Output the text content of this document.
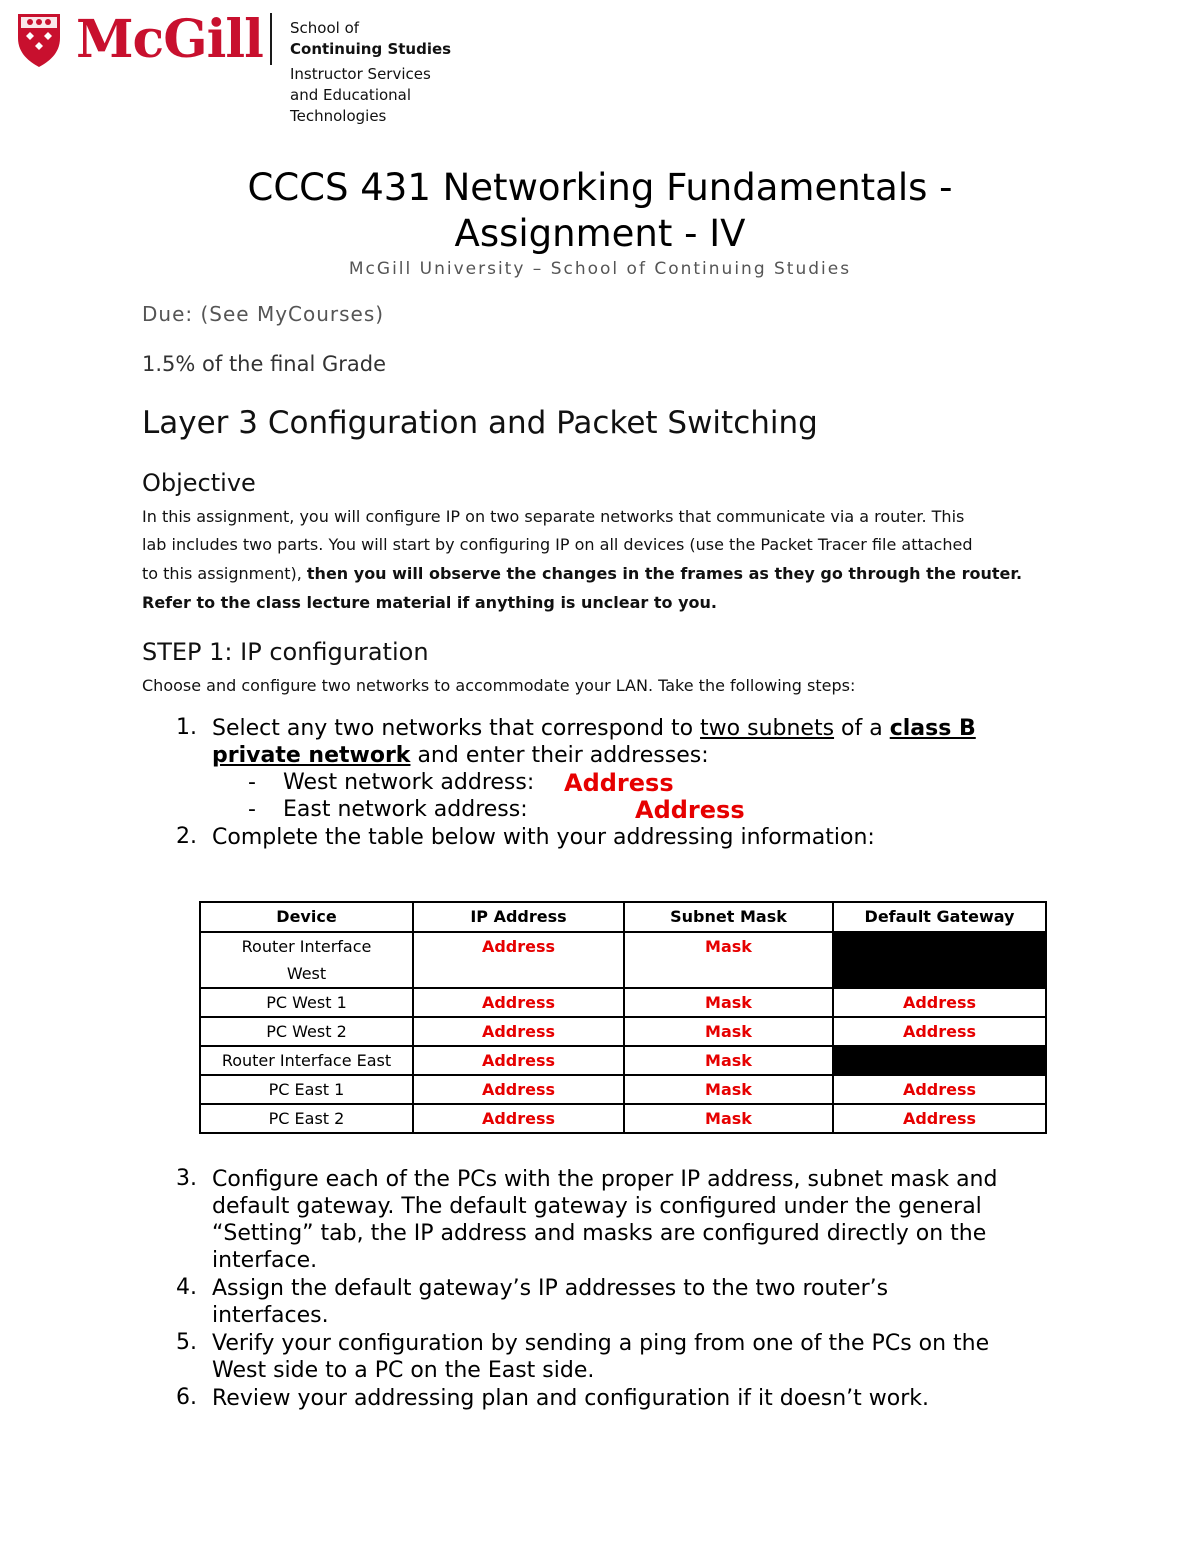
McGill School of
Continuing Studies
Instructor Services
and Educational
Technologies
CCCS 431 Networking Fundamentals -
Assignment - IV
McGill University – School of Continuing Studies
Due: (See MyCourses)
1.5% of the final Grade
Layer 3 Configuration and Packet Switching
Objective
In this assignment, you will configure IP on two separate networks that communicate via a router. This
lab includes two parts. You will start by configuring IP on all devices (use the Packet Tracer file attached
to this assignment), then you will observe the changes in the frames as they go through the router.
Refer to the class lecture material if anything is unclear to you.
STEP 1: IP configuration
Choose and configure two networks to accommodate your LAN. Take the following steps:
1. Select any two networks that correspond to two subnets of a class B
private network and enter their addresses:
- West network address: Address
- East network address:	Address
2. Complete the table below with your addressing information:
Device	IP Address	Subnet Mask	Default Gateway
Router Interface West	Address	Mask	
PC West 1	Address	Mask	Address
PC West 2	Address	Mask	Address
Router Interface East	Address	Mask	
PC East 1	Address	Mask	Address
PC East 2	Address	Mask	Address
3. Configure each of the PCs with the proper IP address, subnet mask and
default gateway. The default gateway is configured under the general
“Setting” tab, the IP address and masks are configured directly on the
interface.
4. Assign the default gateway’s IP addresses to the two router’s
interfaces.
5. Verify your configuration by sending a ping from one of the PCs on the
West side to a PC on the East side.
6. Review your addressing plan and configuration if it doesn’t work.
